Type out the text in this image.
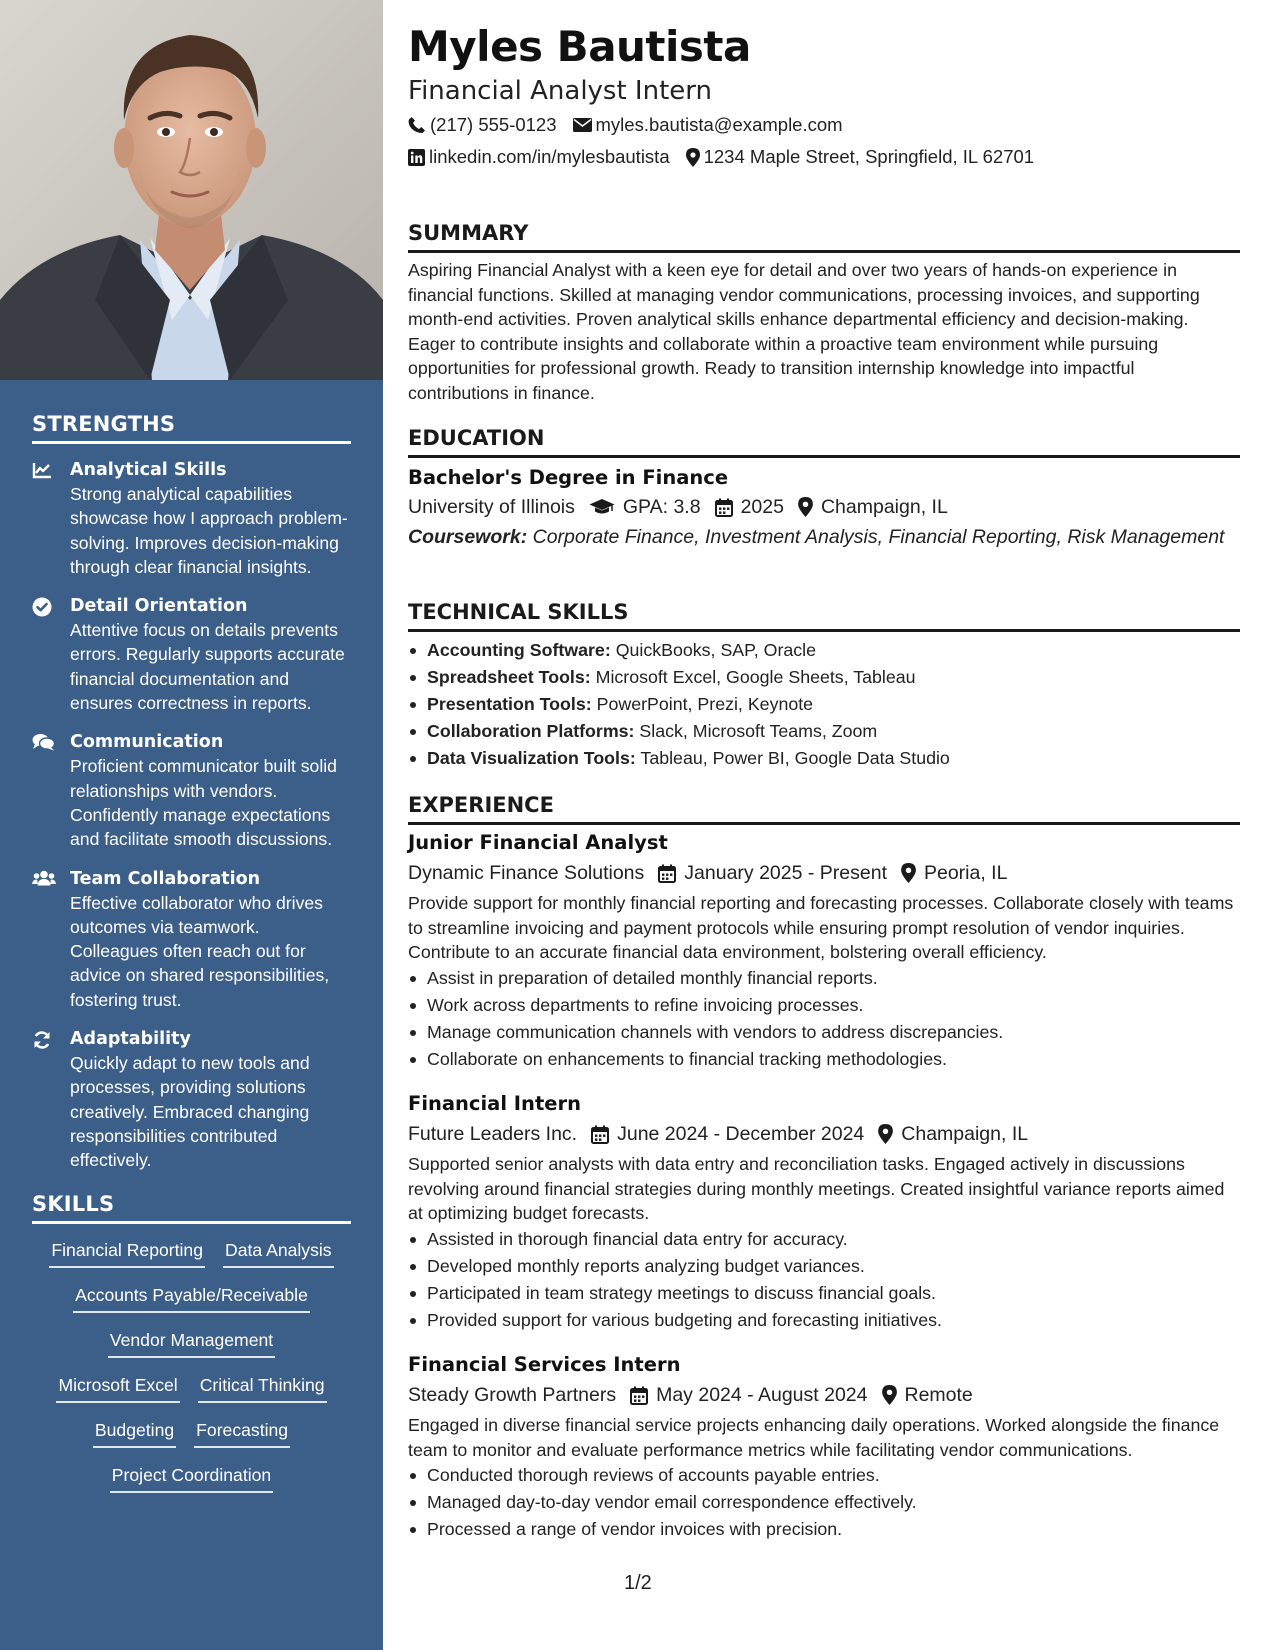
STRENGTHS
Analytical Skills
Strong analytical capabilities showcase how I approach problem-solving. Improves decision-making through clear financial insights.
Detail Orientation
Attentive focus on details prevents errors. Regularly supports accurate financial documentation and ensures correctness in reports.
Communication
Proficient communicator built solid relationships with vendors. Confidently manage expectations and facilitate smooth discussions.
Team Collaboration
Effective collaborator who drives outcomes via teamwork. Colleagues often reach out for advice on shared responsibilities, fostering trust.
Adaptability
Quickly adapt to new tools and processes, providing solutions creatively. Embraced changing responsibilities contributed effectively.
SKILLS
Financial Reporting Data Analysis
Accounts Payable/Receivable
Vendor Management
Microsoft Excel Critical Thinking
Budgeting Forecasting
Project Coordination
Myles Bautista
Financial Analyst Intern
(217) 555-0123 myles.bautista@example.com
linkedin.com/in/mylesbautista 1234 Maple Street, Springfield, IL 62701
SUMMARY
Aspiring Financial Analyst with a keen eye for detail and over two years of hands-on experience in financial functions. Skilled at managing vendor communications, processing invoices, and supporting month-end activities. Proven analytical skills enhance departmental efficiency and decision-making. Eager to contribute insights and collaborate within a proactive team environment while pursuing opportunities for professional growth. Ready to transition internship knowledge into impactful contributions in finance.
EDUCATION
Bachelor's Degree in Finance
University of Illinois GPA: 3.8 2025 Champaign, IL
Coursework: Corporate Finance, Investment Analysis, Financial Reporting, Risk Management
TECHNICAL SKILLS
Accounting Software: QuickBooks, SAP, Oracle
Spreadsheet Tools: Microsoft Excel, Google Sheets, Tableau
Presentation Tools: PowerPoint, Prezi, Keynote
Collaboration Platforms: Slack, Microsoft Teams, Zoom
Data Visualization Tools: Tableau, Power BI, Google Data Studio
EXPERIENCE
Junior Financial Analyst
Dynamic Finance Solutions January 2025 - Present Peoria, IL
Provide support for monthly financial reporting and forecasting processes. Collaborate closely with teams to streamline invoicing and payment protocols while ensuring prompt resolution of vendor inquiries. Contribute to an accurate financial data environment, bolstering overall efficiency.
Assist in preparation of detailed monthly financial reports.
Work across departments to refine invoicing processes.
Manage communication channels with vendors to address discrepancies.
Collaborate on enhancements to financial tracking methodologies.
Financial Intern
Future Leaders Inc. June 2024 - December 2024 Champaign, IL
Supported senior analysts with data entry and reconciliation tasks. Engaged actively in discussions revolving around financial strategies during monthly meetings. Created insightful variance reports aimed at optimizing budget forecasts.
Assisted in thorough financial data entry for accuracy.
Developed monthly reports analyzing budget variances.
Participated in team strategy meetings to discuss financial goals.
Provided support for various budgeting and forecasting initiatives.
Financial Services Intern
Steady Growth Partners May 2024 - August 2024 Remote
Engaged in diverse financial service projects enhancing daily operations. Worked alongside the finance team to monitor and evaluate performance metrics while facilitating vendor communications.
Conducted thorough reviews of accounts payable entries.
Managed day-to-day vendor email correspondence effectively.
Processed a range of vendor invoices with precision.
1/2
